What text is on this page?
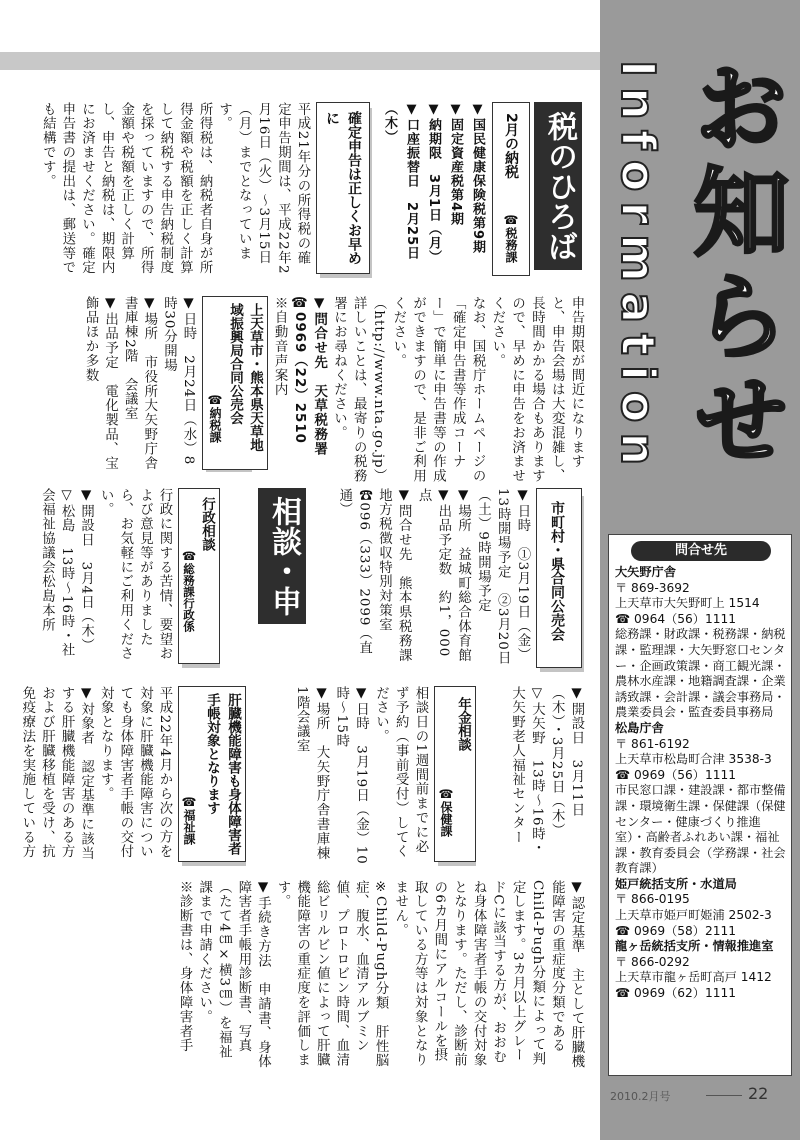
Information お知らせ
税のひろば
2月の納税
☎税務課

▼国民健康保険税第9期

▼固定資産税第4期

▼納期限　3月1日（月）

▼口座振替日　2月25日（木）

確定申告は正しくお早めに

平成21年分の所得税の確定申告期間は、平成22年2月16日（火）～3月15日（月）までとなっています。

所得税は、納税者自身が所得金額や税額を正しく計算して納税する申告納税制度を採っていますので、所得金額や税額を正しく計算し、申告と納税は、期限内にお済ませください。確定申告書の提出は、郵送等でも結構です。

申告期限が間近になりますと、申告会場は大変混雑し、長時間かかる場合もありますので、早めに申告をお済ませください。

なお、国税庁ホームページの「確定申告書等作成コーナー」で簡単に申告書等の作成ができますので、是非ご利用ください。（http://www.nta.go.jp）

詳しいことは、最寄りの税務署にお尋ねください。

▼問合せ先　天草税務署　☎0969（22）2510

※自動音声案内

上天草市・熊本県天草地域振興局合同公売会
☎納税課

▼日時　2月24日（水）8時30分開場

▼場所　市役所大矢野庁舎書庫棟2階　会議室

▼出品予定　電化製品、宝飾品ほか多数

相談・申請	市町村・県合同公売会

▼日時　①3月19日（金）13時開場予定　②3月20日（土）9時開場予定

▼場所　益城町総合体育館

▼出品予定数　約1，000点

▼問合せ先　熊本県税務課地方税徴収特別対策室　☎096（333）2099（直通）

行政相談
☎総務課行政係

行政に関する苦情、要望および意見等がありましたら、お気軽にご利用ください。

▼開設日　3月4日（木）

▽松島　13時～16時・社会福祉協議会松島本所

年金相談
☎保健課	▼開設日　3月11日（木）・3月25日（木）

▽大矢野　13時～16時・大矢野老人福祉センター

相談日の1週間前までに必ず予約（事前受付）してください。

▼日時　3月19日（金）10時～15時

▼場所　大矢野庁舎書庫棟1階会議室

肝臓機能障害も身体障害者手帳対象となります
☎福祉課

平成22年4月から次の方を対象に肝臓機能障害についても身体障害者手帳の交付対象となります。

▼対象者　認定基準に該当する肝臓機能障害のある方および肝臓移植を受け、抗免疫療法を実施している方

▼認定基準　主として肝臓機能障害の重症度分類であるChild-Pugh分類によって判定します。3カ月以上グレードCに該当する方が、おおむね身体障害者手帳の交付対象となります。ただし、診断前の6カ月間にアルコールを摂取している方等は対象となりません。

※Child-Pugh分類　肝性脳症、腹水、血清アルブミン値、プロトロビン時間、血清総ビリルビン値によって肝臓機能障害の重症度を評価します。

▼手続き方法　申請書、身体障害者手帳用診断書、写真（たて4㎝×横3㎝）を福祉課まで申請ください。

※診断書は、身体障害者手

問合せ先
大矢野庁舎
〒 869-3692
上天草市大矢野町上 1514
☎ 0964（56）1111
総務課・財政課・税務課・納税課・監理課・大矢野窓口センター・企画政策課・商工観光課・農林水産課・地籍調査課・企業誘致課・会計課・議会事務局・農業委員会・監査委員事務局
松島庁舎
〒 861-6192
上天草市松島町合津 3538-3
☎ 0969（56）1111
市民窓口課・建設課・都市整備課・環境衛生課・保健課（保健センター・健康づくり推進室）・高齢者ふれあい課・福祉課・教育委員会（学務課・社会教育課）
姫戸統括支所・水道局
〒 866-0195
上天草市姫戸町姫浦 2502-3
☎ 0969（58）2111
龍ヶ岳統括支所・情報推進室
〒 866-0292
上天草市龍ヶ岳町高戸 1412
☎ 0969（62）1111
2010.2月号	22
